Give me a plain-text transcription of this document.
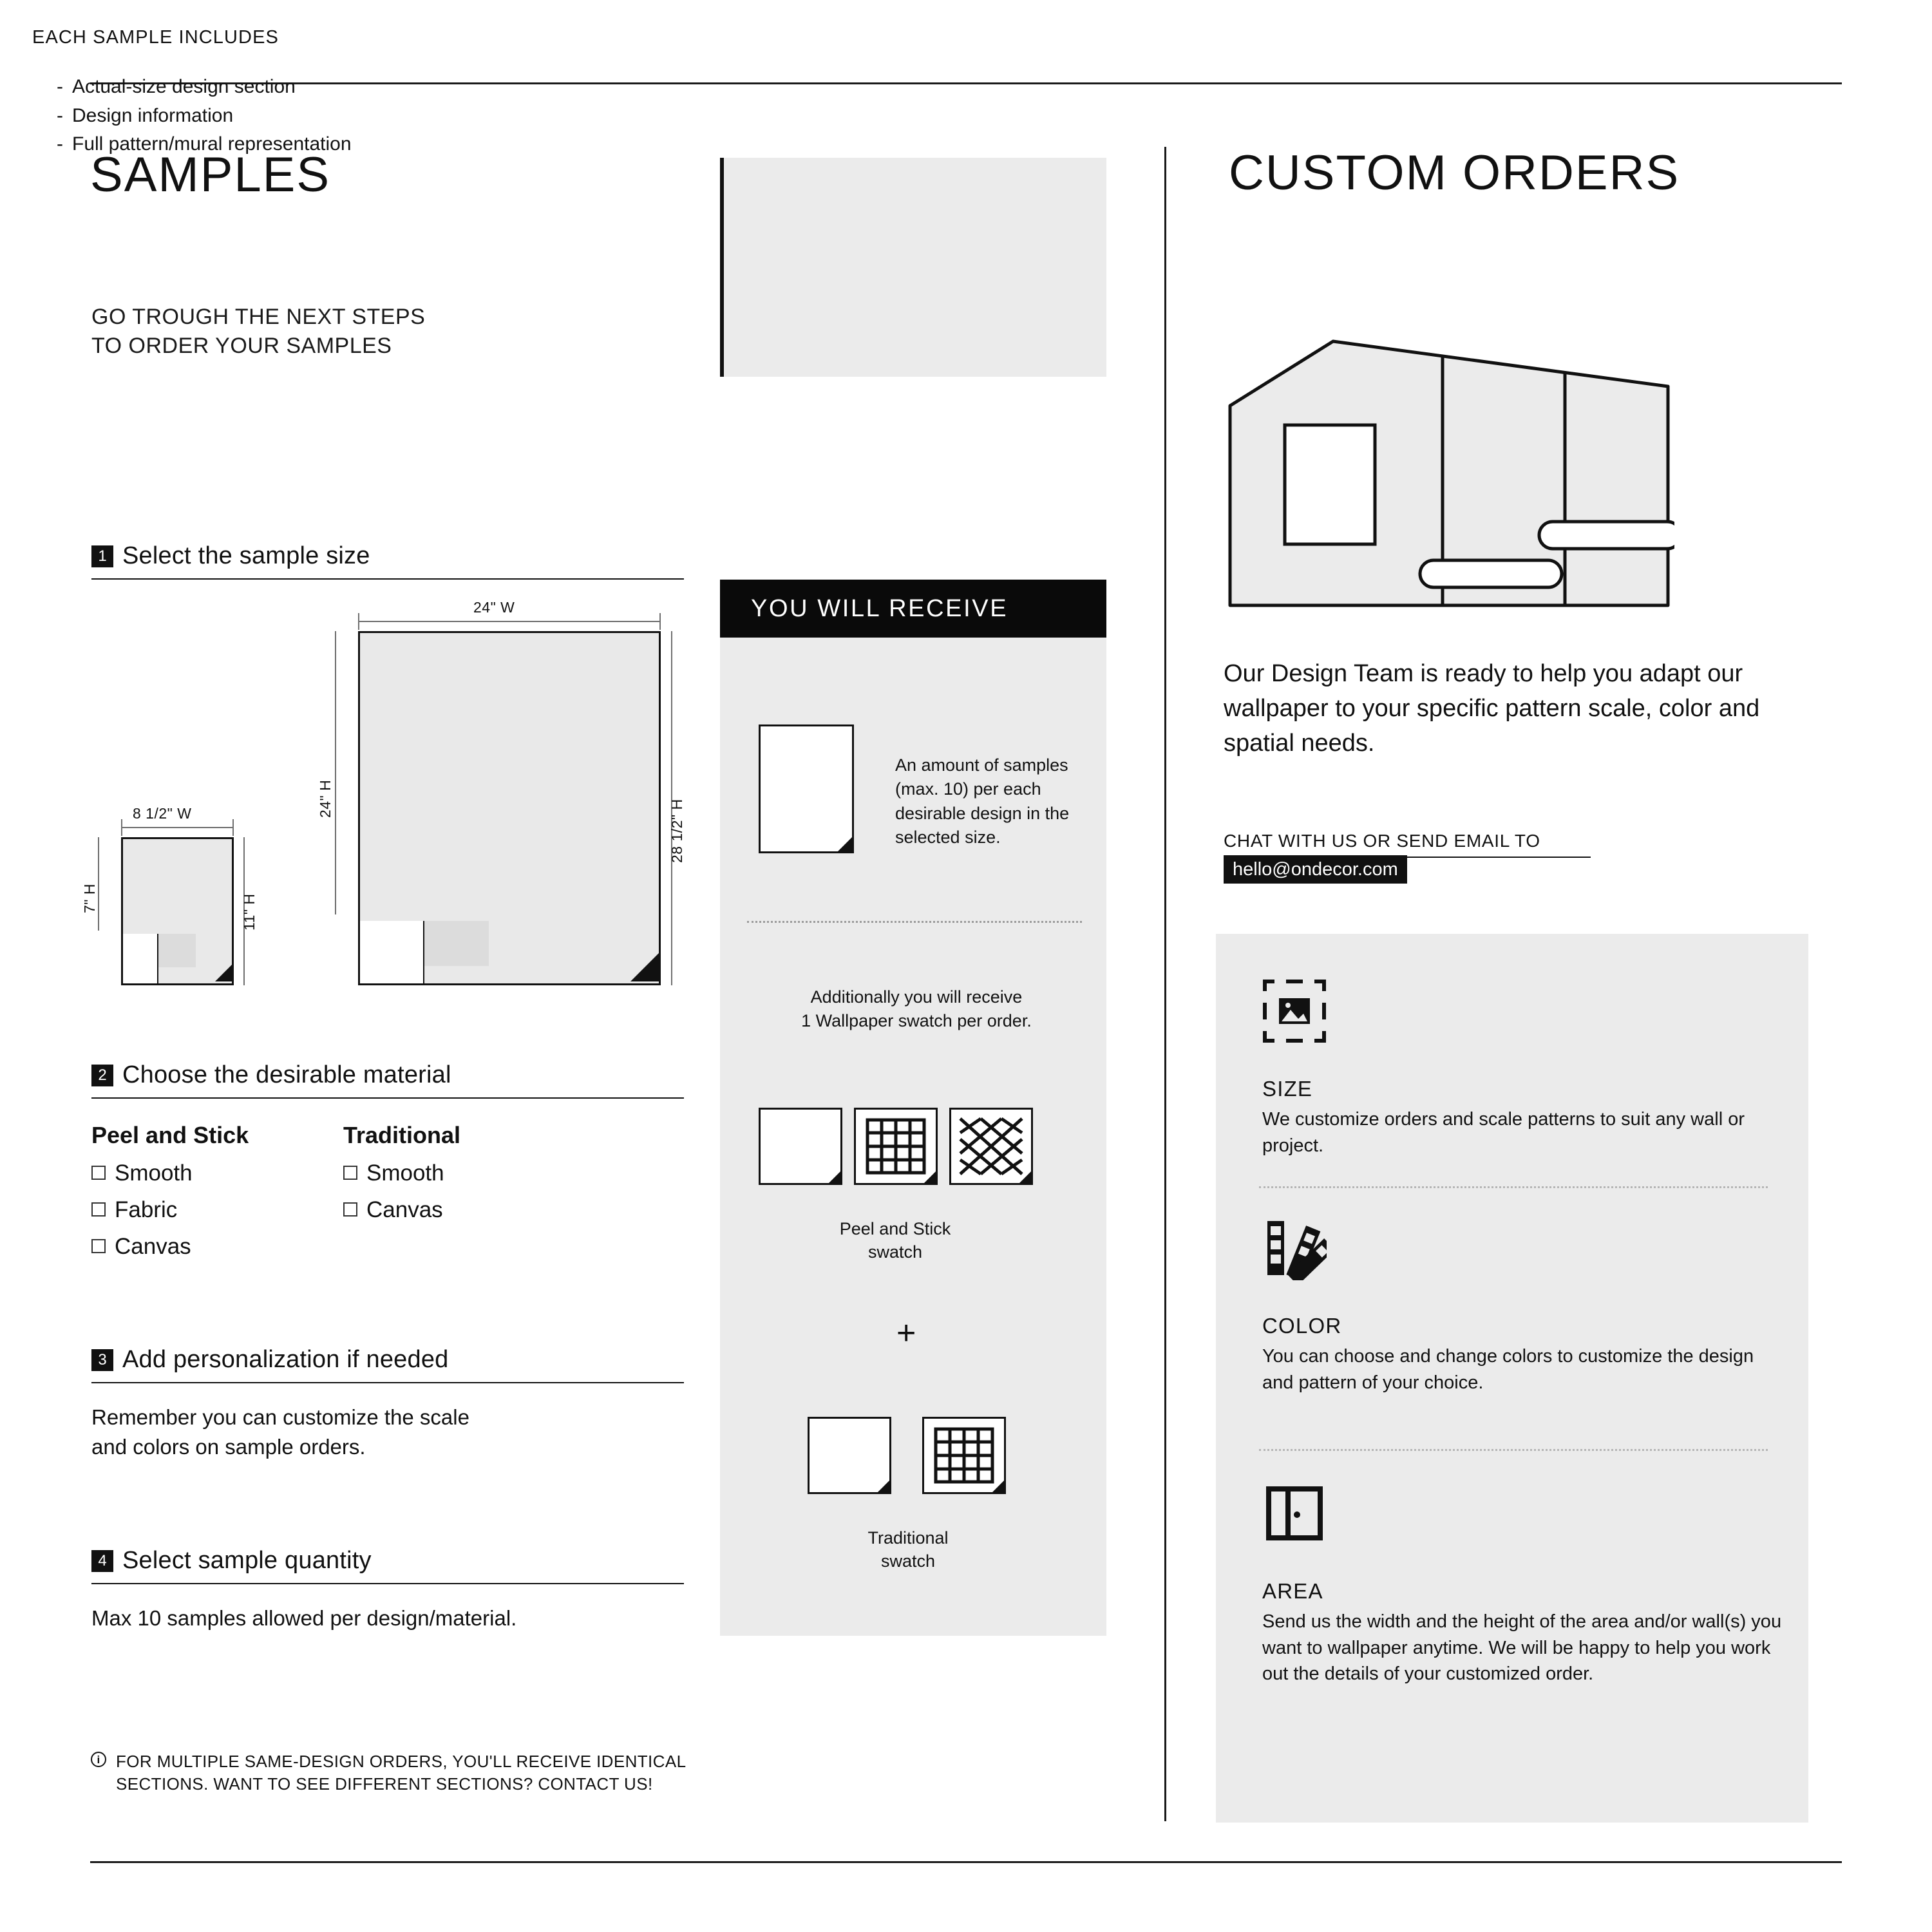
SAMPLES
GO TROUGH THE NEXT STEPS
TO ORDER YOUR SAMPLES
EACH SAMPLE INCLUDES
- Actual-size design section
- Design information
- Full pattern/mural representation
1 Select the sample size
24" W
24" H	28 1/2" H
8 1/2" W
7" H	11" H
2 Choose the desirable material
Peel and Stick
Smooth
Fabric
Canvas
Traditional
Smooth
Canvas
3 Add personalization if needed
Remember you can customize the scale
and colors on sample orders.
4 Select sample quantity
Max 10 samples allowed per design/material.
i FOR MULTIPLE SAME-DESIGN ORDERS, YOU'LL RECEIVE IDENTICAL
SECTIONS. WANT TO SEE DIFFERENT SECTIONS? CONTACT US!
YOU WILL RECEIVE
An amount of samples (max. 10) per each desirable design in the selected size.
Additionally you will receive
1 Wallpaper swatch per order.
Peel and Stick
swatch
+
Traditional
swatch
CUSTOM ORDERS
Our Design Team is ready to help you adapt our wallpaper to your specific pattern scale, color and spatial needs.
CHAT WITH US OR SEND EMAIL TO
hello@ondecor.com
SIZE
We customize orders and scale patterns to suit any wall or project.
COLOR
You can choose and change colors to customize the design and pattern of your choice.
AREA
Send us the width and the height of the area and/or wall(s) you want to wallpaper anytime. We will be happy to help you work out the details of your customized order.
